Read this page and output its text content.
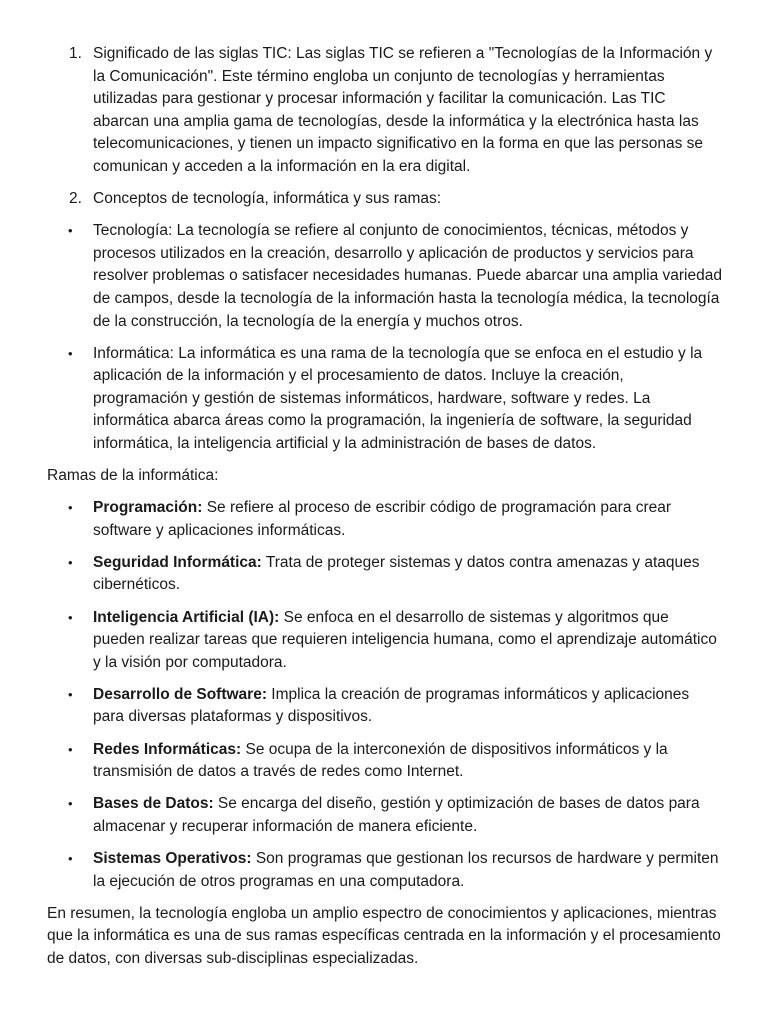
1. Significado de las siglas TIC: Las siglas TIC se refieren a "Tecnologías de la Información y la Comunicación". Este término engloba un conjunto de tecnologías y herramientas utilizadas para gestionar y procesar información y facilitar la comunicación. Las TIC abarcan una amplia gama de tecnologías, desde la informática y la electrónica hasta las telecomunicaciones, y tienen un impacto significativo en la forma en que las personas se comunican y acceden a la información en la era digital.
2. Conceptos de tecnología, informática y sus ramas:
•	Tecnología: La tecnología se refiere al conjunto de conocimientos, técnicas, métodos y procesos utilizados en la creación, desarrollo y aplicación de productos y servicios para resolver problemas o satisfacer necesidades humanas. Puede abarcar una amplia variedad de campos, desde la tecnología de la información hasta la tecnología médica, la tecnología de la construcción, la tecnología de la energía y muchos otros.
•	Informática: La informática es una rama de la tecnología que se enfoca en el estudio y la aplicación de la información y el procesamiento de datos. Incluye la creación, programación y gestión de sistemas informáticos, hardware, software y redes. La informática abarca áreas como la programación, la ingeniería de software, la seguridad informática, la inteligencia artificial y la administración de bases de datos.
Ramas de la informática:
•	Programación: Se refiere al proceso de escribir código de programación para crear software y aplicaciones informáticas.
•	Seguridad Informática: Trata de proteger sistemas y datos contra amenazas y ataques cibernéticos.
•	Inteligencia Artificial (IA): Se enfoca en el desarrollo de sistemas y algoritmos que pueden realizar tareas que requieren inteligencia humana, como el aprendizaje automático y la visión por computadora.
•	Desarrollo de Software: Implica la creación de programas informáticos y aplicaciones para diversas plataformas y dispositivos.
•	Redes Informáticas: Se ocupa de la interconexión de dispositivos informáticos y la transmisión de datos a través de redes como Internet.
•	Bases de Datos: Se encarga del diseño, gestión y optimización de bases de datos para almacenar y recuperar información de manera eficiente.
•	Sistemas Operativos: Son programas que gestionan los recursos de hardware y permiten la ejecución de otros programas en una computadora.
En resumen, la tecnología engloba un amplio espectro de conocimientos y aplicaciones, mientras que la informática es una de sus ramas específicas centrada en la información y el procesamiento de datos, con diversas sub-disciplinas especializadas.
